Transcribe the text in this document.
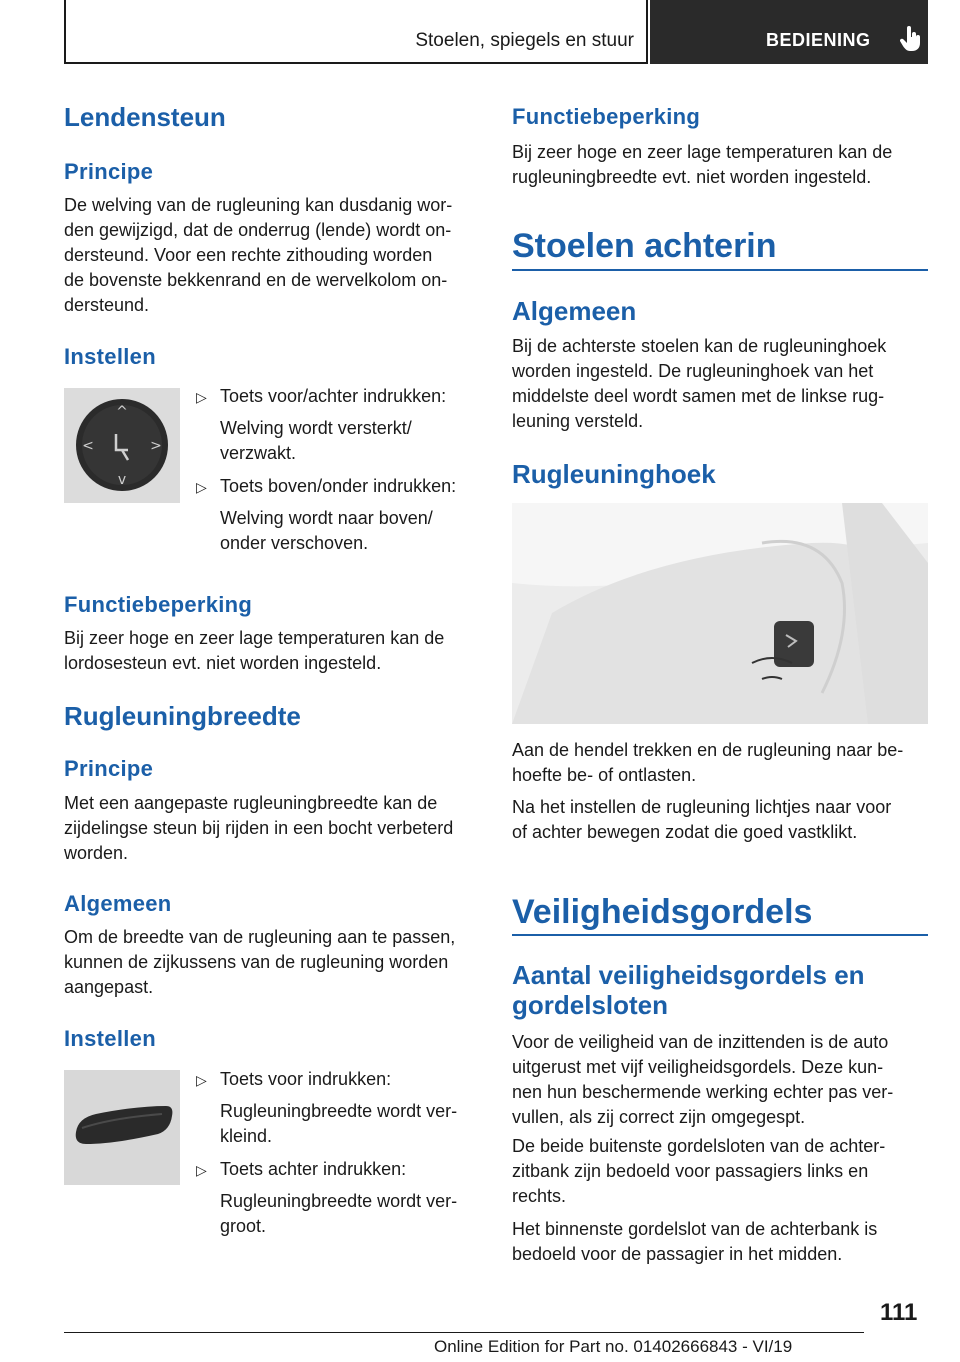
Stoelen, spiegels en stuur	BEDIENING
Lendensteun
Principe

De welving van de rugleuning kan dusdanig wor-
den gewijzigd, dat de onderrug (lende) wordt on-
dersteund. Voor een rechte zithouding worden
de bovenste bekkenrand en de wervelkolom on-
dersteund.

Instellen
^
v
<	>
▷ Toets voor/achter indrukken:
Welving wordt versterkt/
verzwakt.
▷ Toets boven/onder indrukken:
Welving wordt naar boven/
onder verschoven.
Functiebeperking

Bij zeer hoge en zeer lage temperaturen kan de
lordosesteun evt. niet worden ingesteld.

Rugleuningbreedte
Principe

Met een aangepaste rugleuningbreedte kan de
zijdelingse steun bij rijden in een bocht verbeterd
worden.

Algemeen

Om de breedte van de rugleuning aan te passen,
kunnen de zijkussens van de rugleuning worden
aangepast.

Instellen
▷ Toets voor indrukken:
Rugleuningbreedte wordt ver-
kleind.
▷ Toets achter indrukken:
Rugleuningbreedte wordt ver-
groot.
Functiebeperking

Bij zeer hoge en zeer lage temperaturen kan de
rugleuningbreedte evt. niet worden ingesteld.

Stoelen achterin
Algemeen

Bij de achterste stoelen kan de rugleuninghoek
worden ingesteld. De rugleuninghoek van het
middelste deel wordt samen met de linkse rug-
leuning versteld.

Rugleuninghoek

Aan de hendel trekken en de rugleuning naar be-
hoefte be- of ontlasten.

Na het instellen de rugleuning lichtjes naar voor
of achter bewegen zodat die goed vastklikt.

Veiligheidsgordels
Aantal veiligheidsgordels en
gordelsloten

Voor de veiligheid van de inzittenden is de auto
uitgerust met vijf veiligheidsgordels. Deze kun-
nen hun beschermende werking echter pas ver-
vullen, als zij correct zijn omgegespt.

De beide buitenste gordelsloten van de achter-
zitbank zijn bedoeld voor passagiers links en
rechts.

Het binnenste gordelslot van de achterbank is
bedoeld voor de passagier in het midden.

111
Online Edition for Part no. 01402666843 - VI/19
